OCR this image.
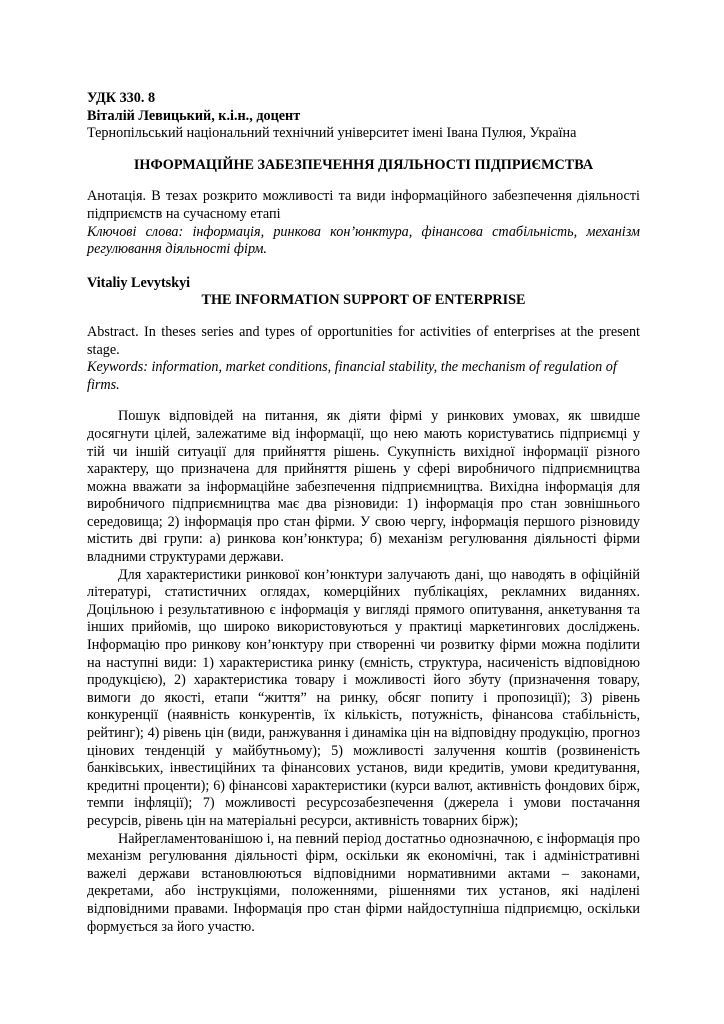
УДК 330. 8
Віталій Левицький, к.і.н., доцент
Тернопільський національний технічний університет імені Івана Пулюя, Україна
ІНФОРМАЦІЙНЕ ЗАБЕЗПЕЧЕННЯ ДІЯЛЬНОСТІ ПІДПРИЄМСТВА

Анотація. В тезах розкрито можливості та види інформаційного забезпечення діяльності підприємств на сучасному етапі

Ключові слова: інформація, ринкова кон’юнктура, фінансова стабільність, механізм регулювання діяльності фірм.

Vitaliy Levytskyi
THE INFORMATION SUPPORT OF ENTERPRISE

Abstract. In theses series and types of opportunities for activities of enterprises at the present stage.

Keywords: information, market conditions, financial stability, the mechanism of regulation of firms.

Пошук відповідей на питання, як діяти фірмі у ринкових умовах, як швидше досягнути цілей, залежатиме від інформації, що нею мають користуватись підприємці у тій чи іншій ситуації для прийняття рішень. Сукупність вихідної інформації різного характеру, що призначена для прийняття рішень у сфері виробничого підприємництва можна вважати за інформаційне забезпечення підприємництва. Вихідна інформація для виробничого підприємництва має два різновиди: 1) інформація про стан зовнішнього середовища; 2) інформація про стан фірми. У свою чергу, інформація першого різновиду містить дві групи: а) ринкова кон’юнктура; б) механізм регулювання діяльності фірми владними структурами держави.

Для характеристики ринкової кон’юнктури залучають дані, що наводять в офіційній літературі, статистичних оглядах, комерційних публікаціях, рекламних виданнях. Доцільною і результативною є інформація у вигляді прямого опитування, анкетування та інших прийомів, що широко використовуються у практиці маркетингових досліджень. Інформацію про ринкову кон’юнктуру при створенні чи розвитку фірми можна поділити на наступні види: 1) характеристика ринку (ємність, структура, насиченість відповідною продукцією), 2) характеристика товару і можливості його збуту (призначення товару, вимоги до якості, етапи “життя” на ринку, обсяг попиту і пропозиції); 3) рівень конкуренції (наявність конкурентів, їх кількість, потужність, фінансова стабільність, рейтинг); 4) рівень цін (види, ранжування і динаміка цін на відповідну продукцію, прогноз цінових тенденцій у майбутньому); 5) можливості залучення коштів (розвиненість банківських, інвестиційних та фінансових установ, види кредитів, умови кредитування, кредитні проценти); 6) фінансові характеристики (курси валют, активність фондових бірж, темпи інфляції); 7) можливості ресурсозабезпечення (джерела і умови постачання ресурсів, рівень цін на матеріальні ресурси, активність товарних бірж);

Найрегламентованішою і, на певний період достатньо однозначною, є інформація про механізм регулювання діяльності фірм, оскільки як економічні, так і адміністративні важелі держави встановлюються відповідними нормативними актами – законами, декретами, або інструкціями, положеннями, рішеннями тих установ, які наділені відповідними правами. Інформація про стан фірми найдоступніша підприємцю, оскільки формується за його участю.
